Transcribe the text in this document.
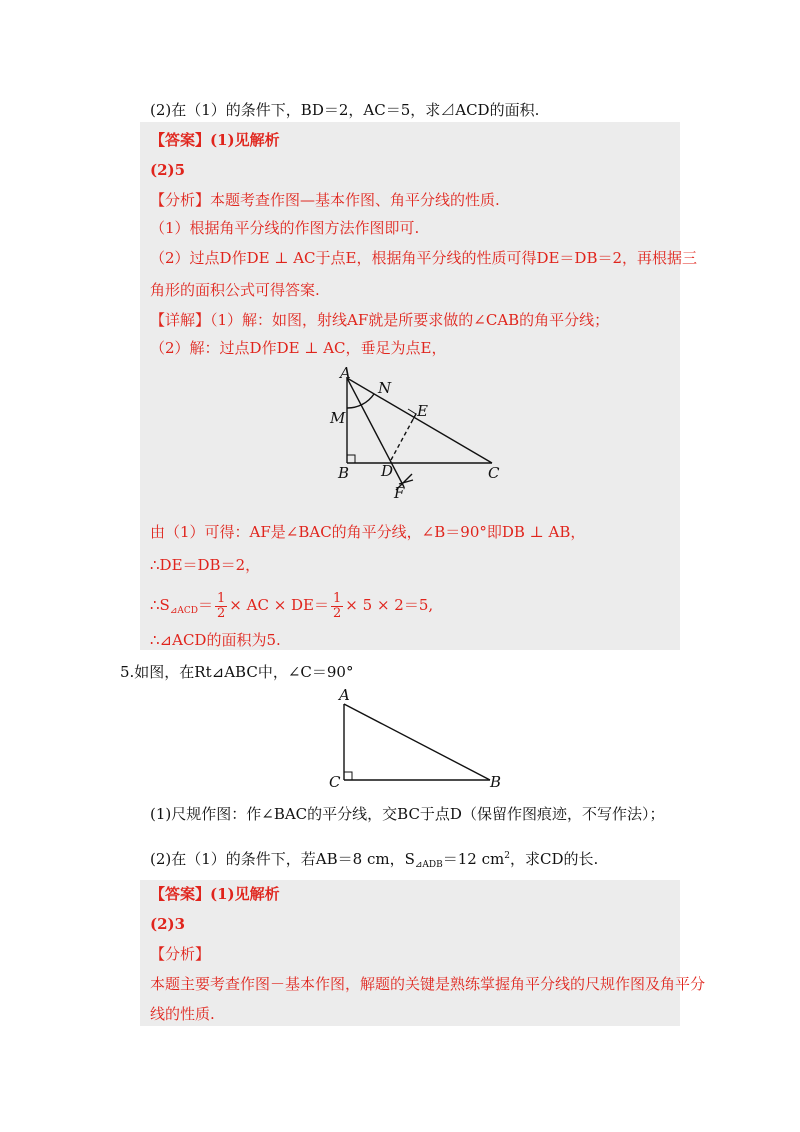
(2)在（1）的条件下，BD＝2，AC＝5，求⊿ACD的面积.
【答案】(1)见解析
(2)5
【分析】本题考查作图—基本作图、角平分线的性质.
（1）根据角平分线的作图方法作图即可.
（2）过点D作DE ⊥ AC于点E，根据角平分线的性质可得DE＝DB＝2，再根据三
角形的面积公式可得答案.
【详解】（1）解：如图，射线AF就是所要求做的∠CAB的角平分线；
（2）解：过点D作DE ⊥ AC，垂足为点E，
A
N
M	E
B D	C
F
A
C	B
由（1）可得：AF是∠BAC的角平分线，∠B＝90°即DB ⊥ AB，
∴DE＝DB＝2，
$\therefore S_{⊿ACD}= \frac{1}{2}$ × AC × $DE= \frac{1}{2} \times 5 \times 2=5$,
∴⊿ACD的面积为5.
5.如图，在Rt⊿ABC中，∠C＝90°
(1)尺规作图：作∠BAC的平分线，交BC于点D（保留作图痕迹，不写作法）；
(2)在（1）的条件下，若AB＝8 cm，$S_{⊿ADB}=12$ $cm^2$，求CD的长.
【答案】(1)见解析
(2)3
【分析】
本题主要考查作图－基本作图，解题的关键是熟练掌握角平分线的尺规作图及角平分
线的性质.
